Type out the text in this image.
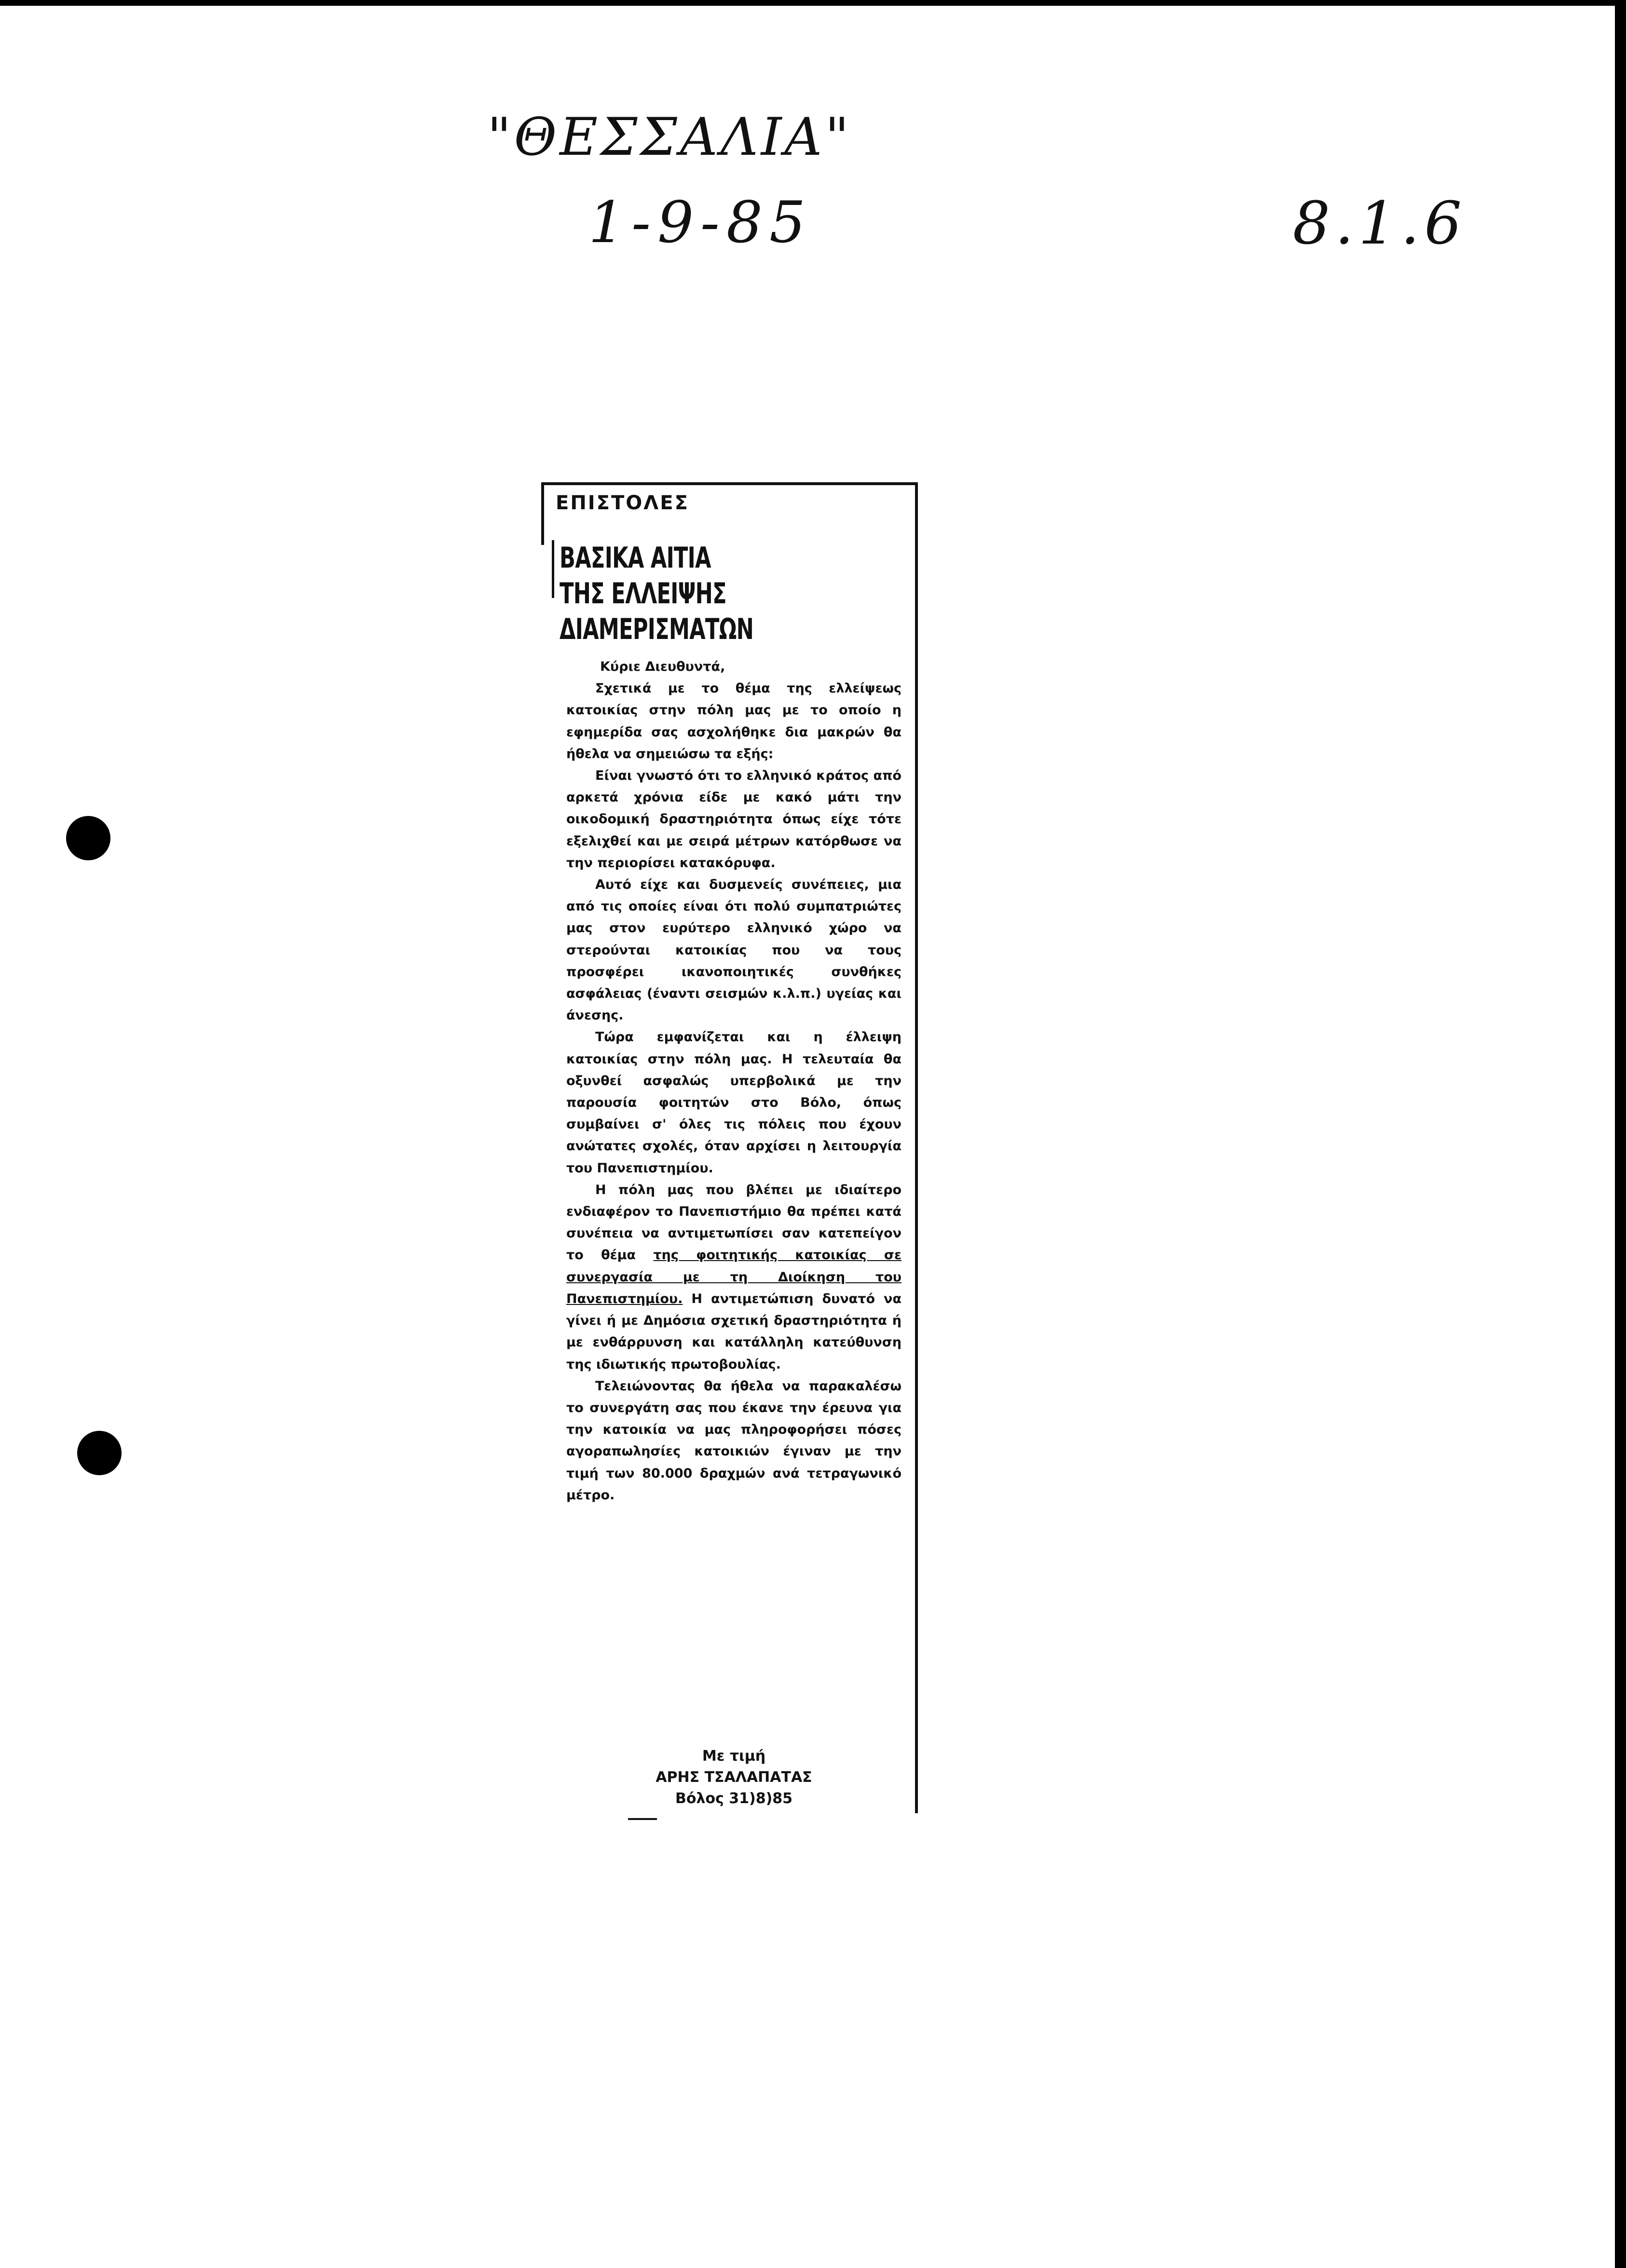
"ΘΕΣΣΑΛΙΑ"
1-9-85	8.1.6
ΕΠΙΣΤΟΛΕΣ
ΒΑΣΙΚΑ ΑΙΤΙΑ
ΤΗΣ ΕΛΛΕΙΨΗΣ
ΔΙΑΜΕΡΙΣΜΑΤΩΝ

Κύριε Διευθυντά,

Σχετικά με το θέμα της ελλείψεως κατοικίας στην πόλη μας με το οποίο η εφημερίδα σας ασχολήθηκε δια μακρών θα ήθελα να σημειώσω τα εξής:

Είναι γνωστό ότι το ελληνικό κράτος από αρκετά χρόνια είδε με κακό μάτι την οικοδομική δραστηριότητα όπως είχε τότε εξελιχθεί και με σειρά μέτρων κατόρθωσε να την περιορίσει κατακόρυφα.

Αυτό είχε και δυσμενείς συνέπειες, μια από τις οποίες είναι ότι πολύ συμπατριώτες μας στον ευρύτερο ελληνικό χώρο να στερούνται κατοικίας που να τους προσφέρει ικανοποιητικές συνθήκες ασφάλειας (έναντι σεισμών κ.λ.π.) υγείας και άνεσης.

Τώρα εμφανίζεται και η έλλειψη κατοικίας στην πόλη μας. Η τελευταία θα οξυνθεί ασφαλώς υπερβολικά με την παρουσία φοιτητών στο Βόλο, όπως συμβαίνει σ' όλες τις πόλεις που έχουν ανώτατες σχολές, όταν αρχίσει η λειτουργία του Πανεπιστημίου.

Η πόλη μας που βλέπει με ιδιαίτερο ενδιαφέρον το Πανεπιστήμιο θα πρέπει κατά συνέπεια να αντιμετωπίσει σαν κατεπείγον το θέμα της φοιτητικής κατοικίας σε συνεργασία με τη Διοίκηση του Πανεπιστημίου. Η αντιμετώπιση δυνατό να γίνει ή με Δημόσια σχετική δραστηριότητα ή με ενθάρρυνση και κατάλληλη κατεύθυνση της ιδιωτικής πρωτοβουλίας.

Τελειώνοντας θα ήθελα να παρακαλέσω το συνεργάτη σας που έκανε την έρευνα για την κατοικία να μας πληροφορήσει πόσες αγοραπωλησίες κατοικιών έγιναν με την τιμή των 80.000 δραχμών ανά τετραγωνικό μέτρο.

Με τιμή
ΑΡΗΣ ΤΣΑΛΑΠΑΤΑΣ
Βόλος 31)8)85
